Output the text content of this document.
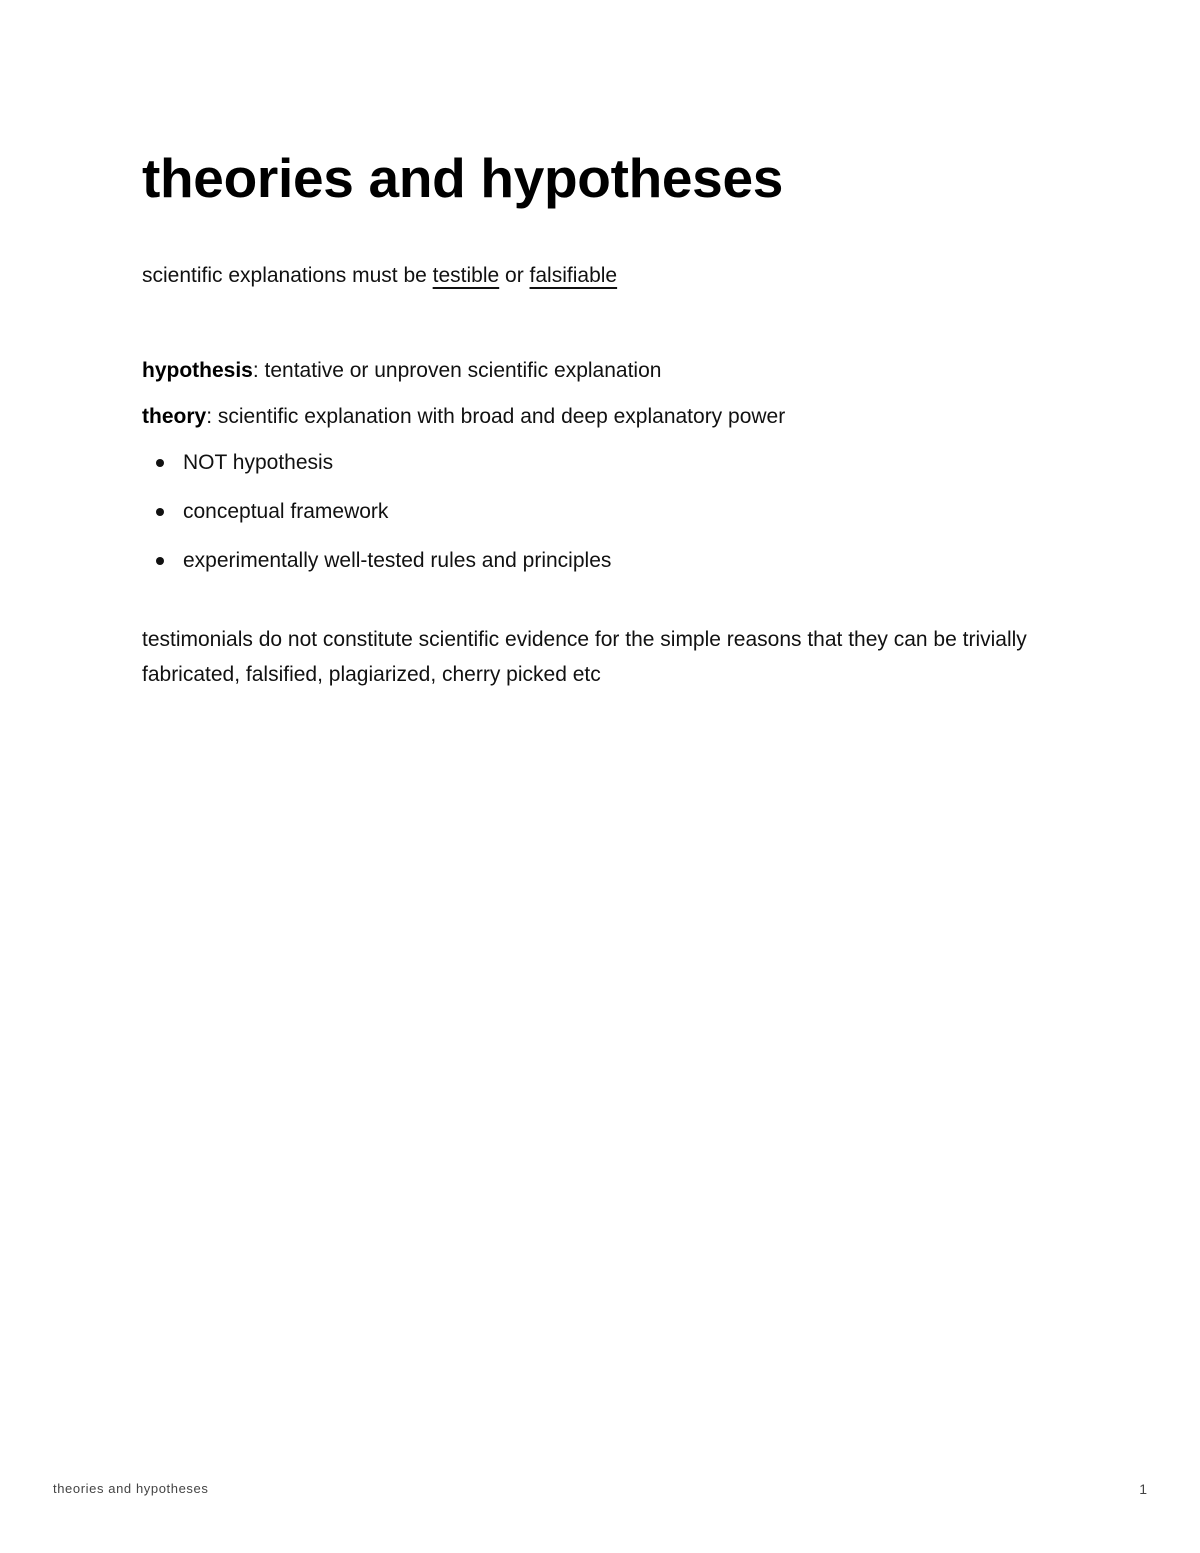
theories and hypotheses

scientific explanations must be testible or falsifiable

hypothesis: tentative or unproven scientific explanation

theory: scientific explanation with broad and deep explanatory power

NOT hypothesis
conceptual framework
experimentally well-tested rules and principles

testimonials do not constitute scientific evidence for the simple reasons that they can be trivially fabricated, falsified, plagiarized, cherry picked etc

theories and hypotheses	1
